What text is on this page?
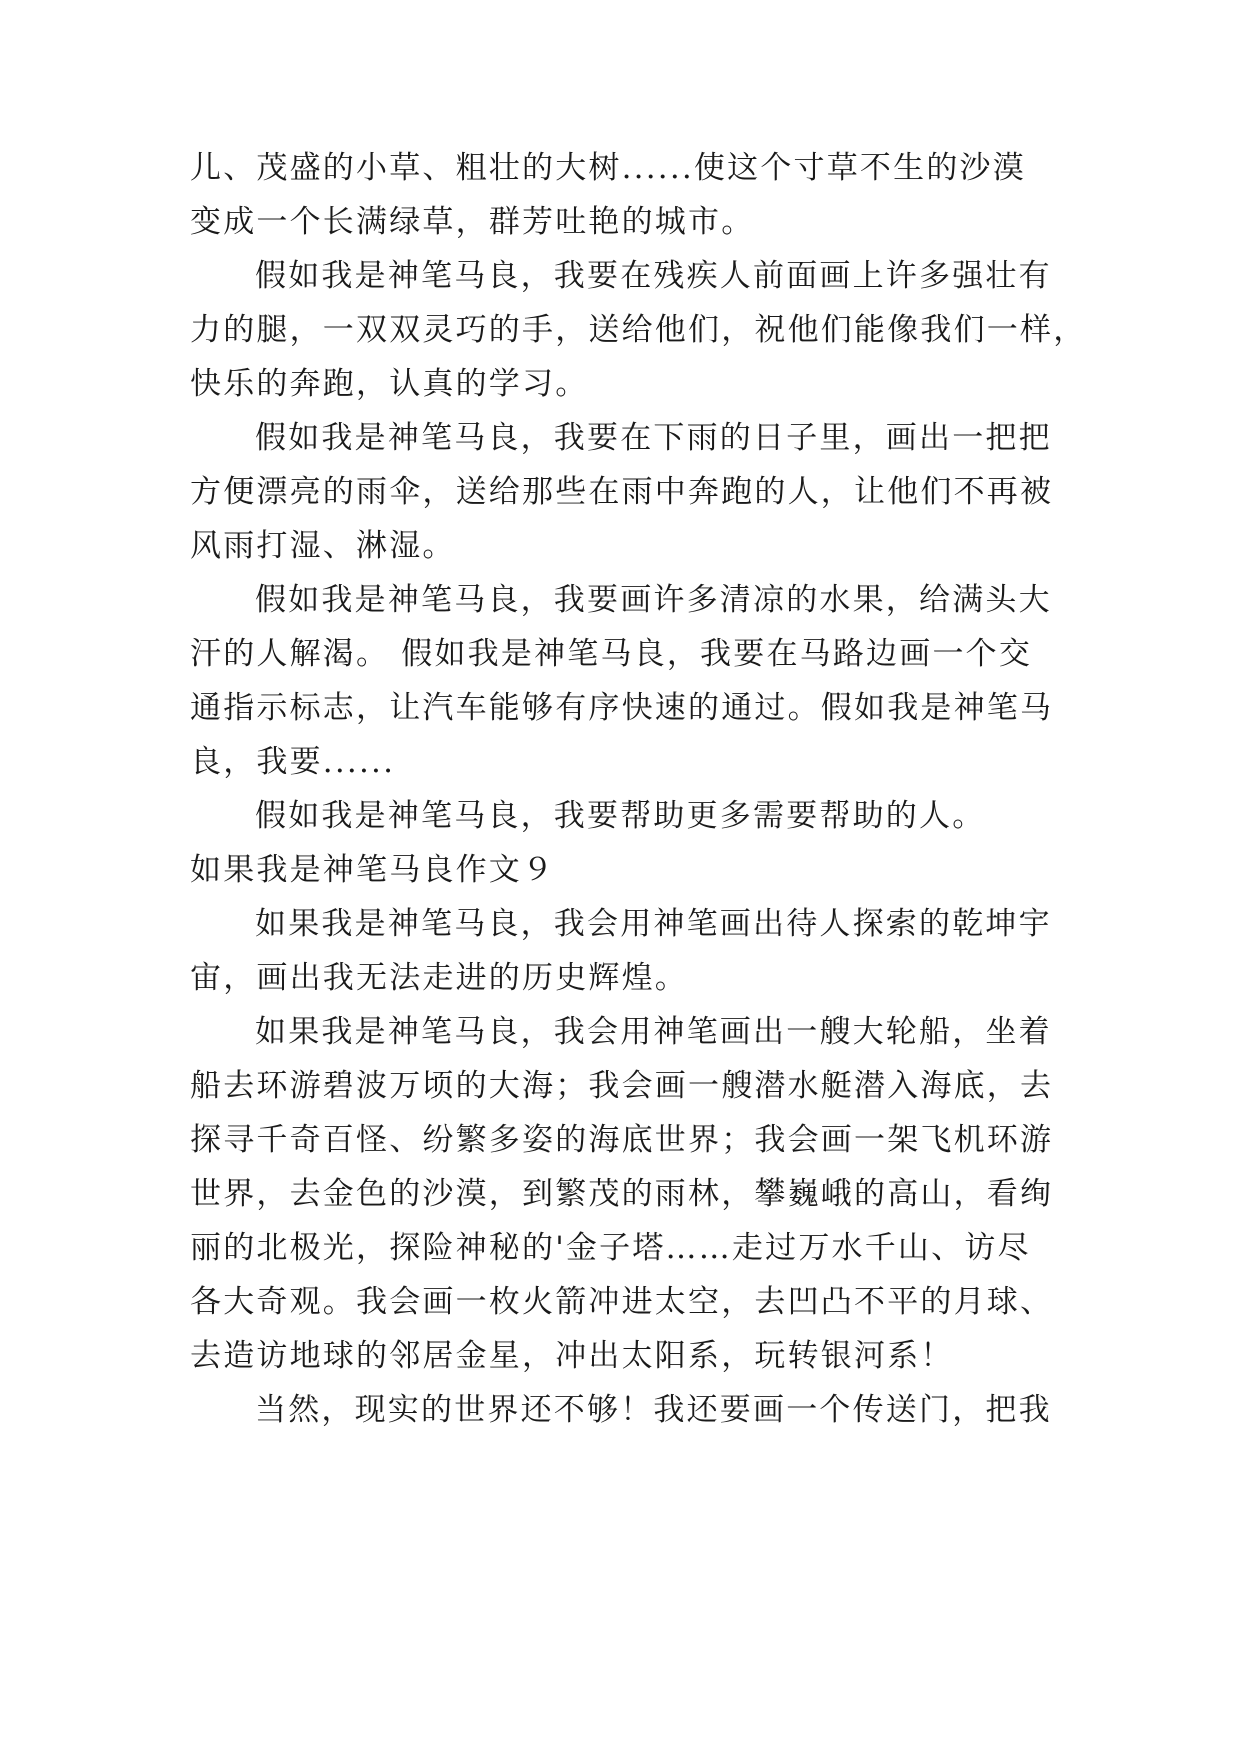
儿、茂盛的小草、粗壮的大树......使这个寸草不生的沙漠
变成一个长满绿草，群芳吐艳的城市。
假如我是神笔马良，我要在残疾人前面画上许多强壮有
力的腿，一双双灵巧的手，送给他们，祝他们能像我们一样，
快乐的奔跑，认真的学习。
假如我是神笔马良，我要在下雨的日子里，画出一把把
方便漂亮的雨伞，送给那些在雨中奔跑的人，让他们不再被
风雨打湿、淋湿。
假如我是神笔马良，我要画许多清凉的水果，给满头大
汗的人解渴。 假如我是神笔马良，我要在马路边画一个交
通指示标志，让汽车能够有序快速的通过。假如我是神笔马
良，我要......
假如我是神笔马良，我要帮助更多需要帮助的人。
如果我是神笔马良作文９
如果我是神笔马良，我会用神笔画出待人探索的乾坤宇
宙，画出我无法走进的历史辉煌。
如果我是神笔马良，我会用神笔画出一艘大轮船，坐着
船去环游碧波万顷的大海；我会画一艘潜水艇潜入海底，去
探寻千奇百怪、纷繁多姿的海底世界；我会画一架飞机环游
世界，去金色的沙漠，到繁茂的雨林，攀巍峨的高山，看绚
丽的北极光，探险神秘的'金子塔……走过万水千山、访尽
各大奇观。我会画一枚火箭冲进太空，去凹凸不平的月球、
去造访地球的邻居金星，冲出太阳系，玩转银河系！
当然，现实的世界还不够！我还要画一个传送门，把我
